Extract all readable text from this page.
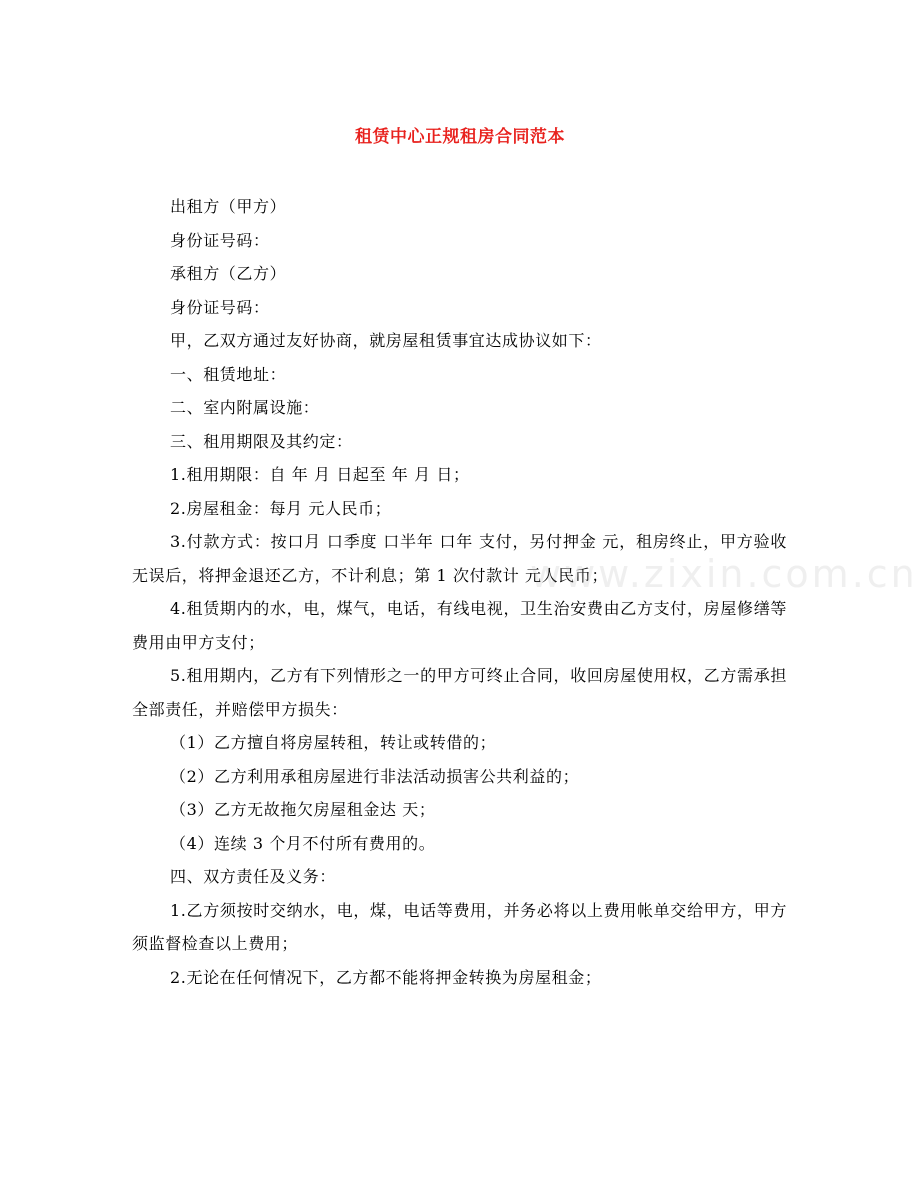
租赁中心正规租房合同范本

出租方（甲方）

身份证号码：

承租方（乙方）

身份证号码：

甲，乙双方通过友好协商，就房屋租赁事宜达成协议如下：

一、租赁地址：

二、室内附属设施：

三、租用期限及其约定：

1.租用期限：自 年 月 日起至 年 月 日；

2.房屋租金：每月 元人民币；

3.付款方式：按口月 口季度 口半年 口年 支付，另付押金 元，租房终止，甲方验收无误后，将押金退还乙方，不计利息；第 1 次付款计 元人民币；

4.租赁期内的水，电，煤气，电话，有线电视，卫生治安费由乙方支付，房屋修缮等费用由甲方支付；

5.租用期内，乙方有下列情形之一的甲方可终止合同，收回房屋使用权，乙方需承担全部责任，并赔偿甲方损失：

（1）乙方擅自将房屋转租，转让或转借的；

（2）乙方利用承租房屋进行非法活动损害公共利益的；

（3）乙方无故拖欠房屋租金达 天；

（4）连续 3 个月不付所有费用的。

四、双方责任及义务：

1.乙方须按时交纳水，电，煤，电话等费用，并务必将以上费用帐单交给甲方，甲方须监督检查以上费用；

2.无论在任何情况下，乙方都不能将押金转换为房屋租金；

www.zixin.com.cn
